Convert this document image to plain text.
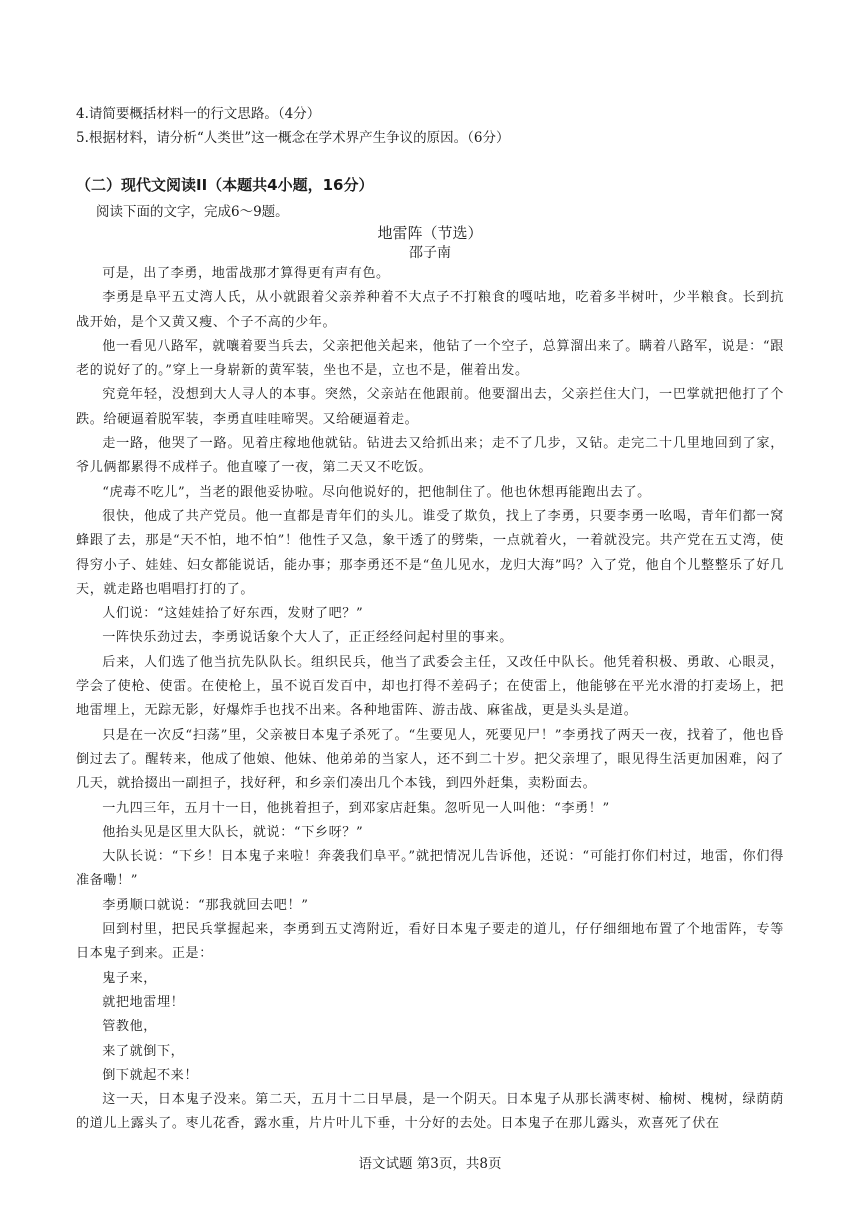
4.请简要概括材料一的行文思路。（4分）
5.根据材料，请分析“人类世”这一概念在学术界产生争议的原因。（6分）
（二）现代文阅读II（本题共4小题，16分）
阅读下面的文字，完成6～9题。
地雷阵（节选）
邵子南

可是，出了李勇，地雷战那才算得更有声有色。

李勇是阜平五丈湾人氏，从小就跟着父亲养种着不大点子不打粮食的嘎咕地，吃着多半树叶，少半粮食。长到抗战开始，是个又黄又瘦、个子不高的少年。

他一看见八路军，就嚷着要当兵去，父亲把他关起来，他钻了一个空子，总算溜出来了。瞒着八路军，说是：“跟老的说好了的。”穿上一身崭新的黄军装，坐也不是，立也不是，催着出发。

究竟年轻，没想到大人寻人的本事。突然，父亲站在他跟前。他要溜出去，父亲拦住大门，一巴掌就把他打了个跌。给硬逼着脱军装，李勇直哇哇啼哭。又给硬逼着走。

走一路，他哭了一路。见着庄稼地他就钻。钻进去又给抓出来；走不了几步，又钻。走完二十几里地回到了家，爷儿俩都累得不成样子。他直嚎了一夜，第二天又不吃饭。

“虎毒不吃儿”，当老的跟他妥协啦。尽向他说好的，把他制住了。他也休想再能跑出去了。

很快，他成了共产党员。他一直都是青年们的头儿。谁受了欺负，找上了李勇，只要李勇一吆喝，青年们都一窝蜂跟了去，那是“天不怕，地不怕”！他性子又急，象干透了的劈柴，一点就着火，一着就没完。共产党在五丈湾，使得穷小子、娃娃、妇女都能说话，能办事；那李勇还不是“鱼儿见水，龙归大海”吗？入了党，他自个儿整整乐了好几天，就走路也唱唱打打的了。

人们说：“这娃娃拾了好东西，发财了吧？”

一阵快乐劲过去，李勇说话象个大人了，正正经经问起村里的事来。

后来，人们选了他当抗先队队长。组织民兵，他当了武委会主任，又改任中队长。他凭着积极、勇敢、心眼灵，学会了使枪、使雷。在使枪上，虽不说百发百中，却也打得不差码子；在使雷上，他能够在平光水滑的打麦场上，把地雷埋上，无踪无影，好爆炸手也找不出来。各种地雷阵、游击战、麻雀战，更是头头是道。

只是在一次反“扫荡”里，父亲被日本鬼子杀死了。“生要见人，死要见尸！”李勇找了两天一夜，找着了，他也昏倒过去了。醒转来，他成了他娘、他妹、他弟弟的当家人，还不到二十岁。把父亲埋了，眼见得生活更加困难，闷了几天，就拾掇出一副担子，找好秤，和乡亲们凑出几个本钱，到四外赶集，卖粉面去。

一九四三年，五月十一日，他挑着担子，到邓家店赶集。忽听见一人叫他：“李勇！”

他抬头见是区里大队长，就说：“下乡呀？”

大队长说：“下乡！日本鬼子来啦！奔袭我们阜平。”就把情况儿告诉他，还说：“可能打你们村过，地雷，你们得准备嘞！”

李勇顺口就说：“那我就回去吧！”

回到村里，把民兵掌握起来，李勇到五丈湾附近，看好日本鬼子要走的道儿，仔仔细细地布置了个地雷阵，专等日本鬼子到来。正是：

鬼子来，

就把地雷埋！

管教他，

来了就倒下，

倒下就起不来！

这一天，日本鬼子没来。第二天，五月十二日早晨，是一个阴天。日本鬼子从那长满枣树、榆树、槐树，绿荫荫的道儿上露头了。枣儿花香，露水重，片片叶儿下垂，十分好的去处。日本鬼子在那儿露头，欢喜死了伏在

语文试题 第3页，共8页
